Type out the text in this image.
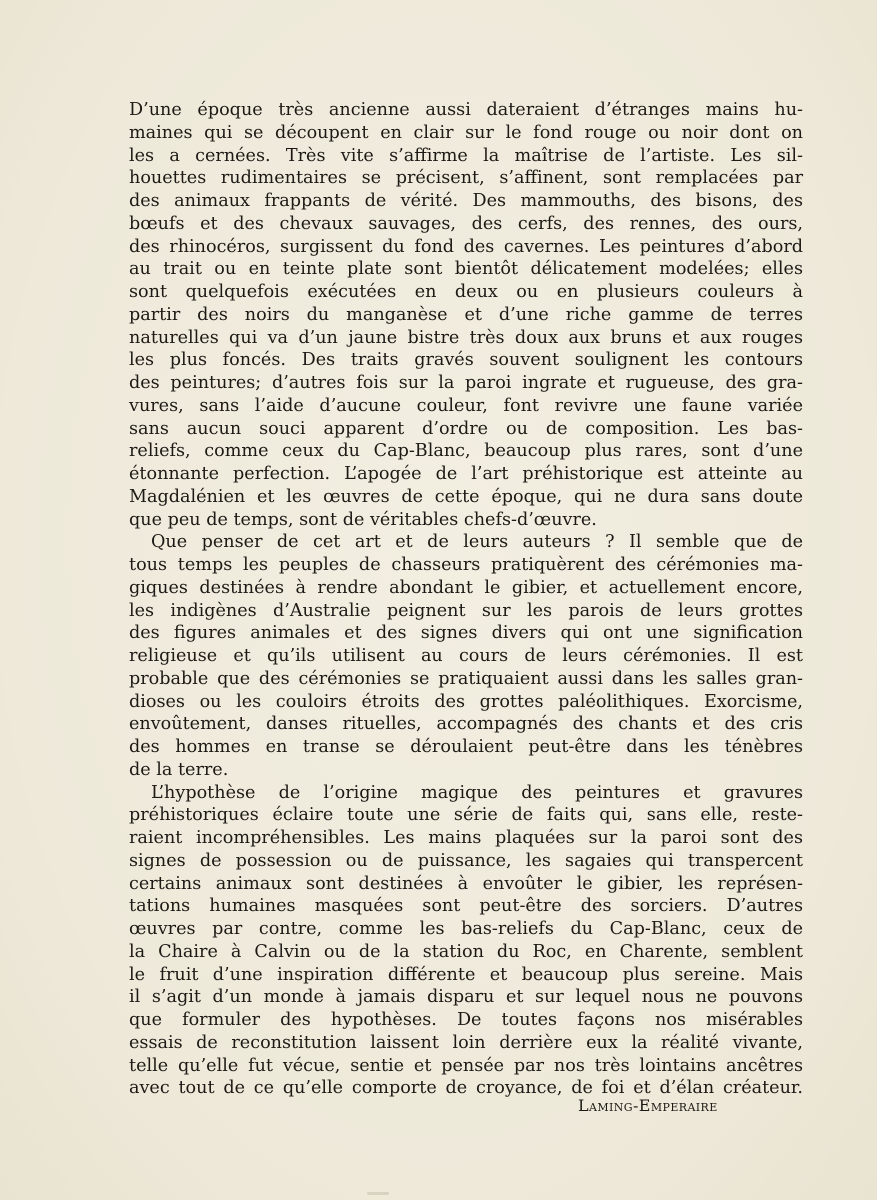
D’une époque très ancienne aussi dateraient d’étranges mains hu-
maines qui se découpent en clair sur le fond rouge ou noir dont on
les a cernées. Très vite s’affirme la maîtrise de l’artiste. Les sil-
houettes rudimentaires se précisent, s’affinent, sont remplacées par
des animaux frappants de vérité. Des mammouths, des bisons, des
bœufs et des chevaux sauvages, des cerfs, des rennes, des ours,
des rhinocéros, surgissent du fond des cavernes. Les peintures d’abord
au trait ou en teinte plate sont bientôt délicatement modelées; elles
sont quelquefois exécutées en deux ou en plusieurs couleurs à
partir des noirs du manganèse et d’une riche gamme de terres
naturelles qui va d’un jaune bistre très doux aux bruns et aux rouges
les plus foncés. Des traits gravés souvent soulignent les contours
des peintures; d’autres fois sur la paroi ingrate et rugueuse, des gra-
vures, sans l’aide d’aucune couleur, font revivre une faune variée
sans aucun souci apparent d’ordre ou de composition. Les bas-
reliefs, comme ceux du Cap-Blanc, beaucoup plus rares, sont d’une
étonnante perfection. L’apogée de l’art préhistorique est atteinte au
Magdalénien et les œuvres de cette époque, qui ne dura sans doute
que peu de temps, sont de véritables chefs-d’œuvre.
Que penser de cet art et de leurs auteurs ? Il semble que de
tous temps les peuples de chasseurs pratiquèrent des cérémonies ma-
giques destinées à rendre abondant le gibier, et actuellement encore,
les indigènes d’Australie peignent sur les parois de leurs grottes
des figures animales et des signes divers qui ont une signification
religieuse et qu’ils utilisent au cours de leurs cérémonies. Il est
probable que des cérémonies se pratiquaient aussi dans les salles gran-
dioses ou les couloirs étroits des grottes paléolithiques. Exorcisme,
envoûtement, danses rituelles, accompagnés des chants et des cris
des hommes en transe se déroulaient peut-être dans les ténèbres
de la terre.
L’hypothèse de l’origine magique des peintures et gravures
préhistoriques éclaire toute une série de faits qui, sans elle, reste-
raient incompréhensibles. Les mains plaquées sur la paroi sont des
signes de possession ou de puissance, les sagaies qui transpercent
certains animaux sont destinées à envoûter le gibier, les représen-
tations humaines masquées sont peut-être des sorciers. D’autres
œuvres par contre, comme les bas-reliefs du Cap-Blanc, ceux de
la Chaire à Calvin ou de la station du Roc, en Charente, semblent
le fruit d’une inspiration différente et beaucoup plus sereine. Mais
il s’agit d’un monde à jamais disparu et sur lequel nous ne pouvons
que formuler des hypothèses. De toutes façons nos misérables
essais de reconstitution laissent loin derrière eux la réalité vivante,
telle qu’elle fut vécue, sentie et pensée par nos très lointains ancêtres
avec tout de ce qu’elle comporte de croyance, de foi et d’élan créateur.
Laming-Emperaire
